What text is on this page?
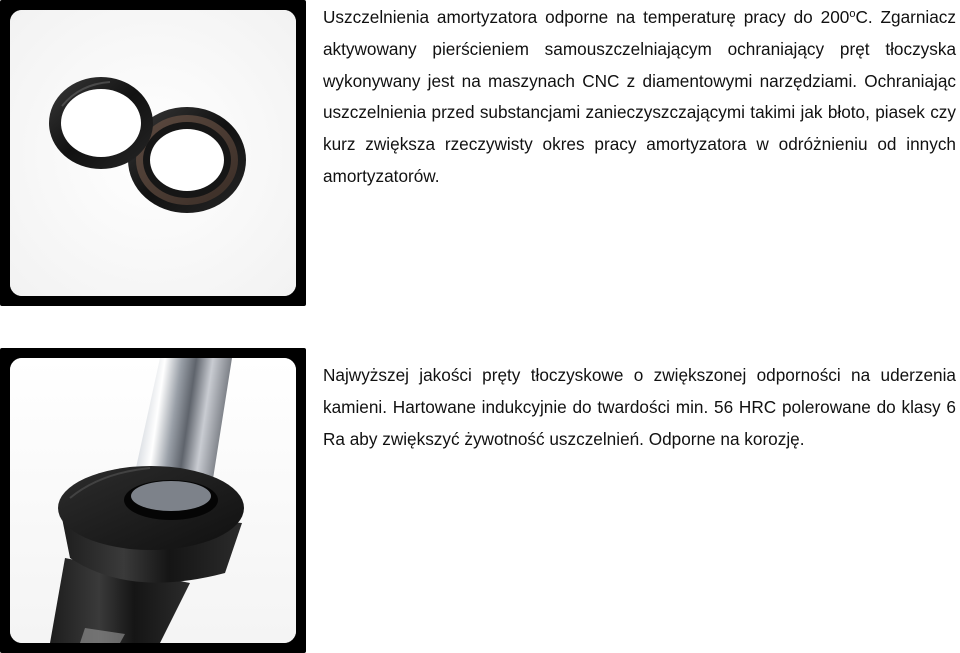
Uszczelnienia amortyzatora odporne na temperaturę pracy do 200$^o$C. Zgarniacz aktywowany pierścieniem samouszczelniającym ochraniający pręt tłoczyska wykonywany jest na maszynach CNC z diamentowymi narzędziami. Ochraniając uszczelnienia przed substancjami zanieczyszczającymi takimi jak błoto, piasek czy kurz zwiększa rzeczywisty okres pracy amortyzatora w odróżnieniu od innych amortyzatorów.

Najwyższej jakości pręty tłoczyskowe o zwiększonej odporności na uderzenia kamieni. Hartowane indukcyjnie do twardości min. 56 HRC polerowane do klasy 6 Ra aby zwiększyć żywotność uszczelnień. Odporne na korozję.
